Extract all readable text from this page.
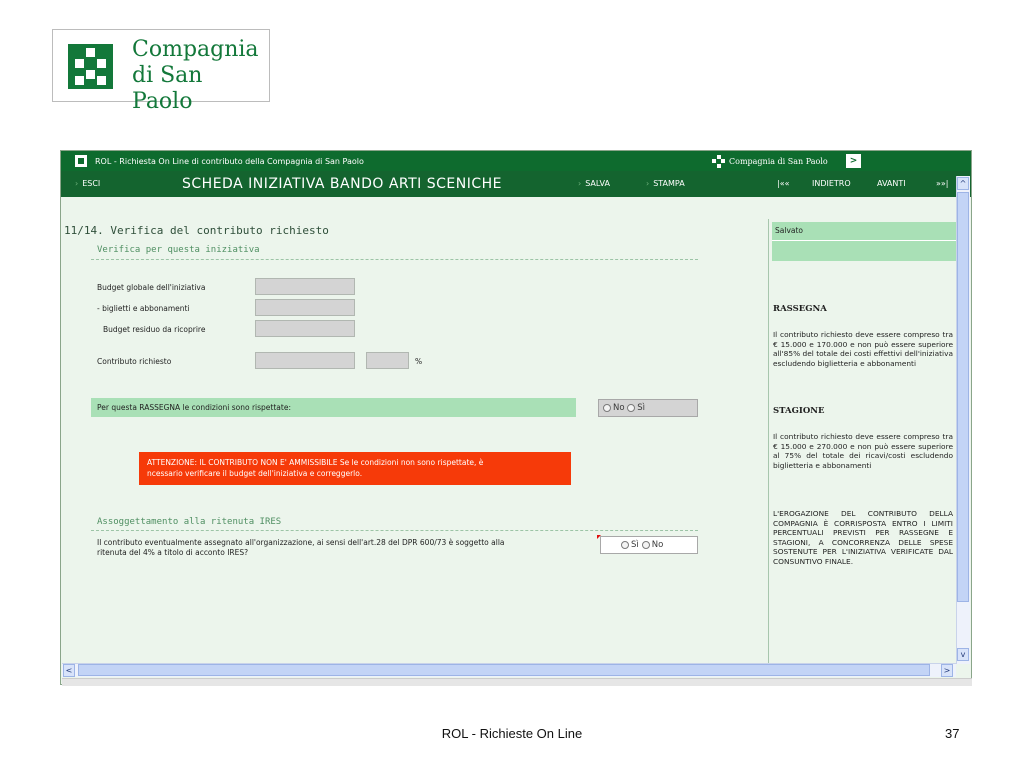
Compagnia
di San Paolo
ROL - Richiesta On Line di contributo della Compagnia di San Paolo	Compagnia di San Paolo	>
› ESCI	SCHEDA INIZIATIVA BANDO ARTI SCENICHE	› SALVA	› STAMPA	|««	INDIETRO	AVANTI	»»|
11/14. Verifica del contributo richiesto
Verifica per questa iniziativa
Budget globale dell'iniziativa
- biglietti e abbonamenti
Budget residuo da ricoprire
Contributo richiesto	%
Per questa RASSEGNA le condizioni sono rispettate:	No
Sì
ATTENZIONE: IL CONTRIBUTO NON E' AMMISSIBILE Se le condizioni non sono rispettate, è
ncessario verificare il budget dell'iniziativa e correggerlo.
Assoggettamento alla ritenuta IRES
Il contributo eventualmente assegnato all'organizzazione, ai sensi dell'art.28 del DPR 600/73 è soggetto alla
ritenuta del 4% a titolo di acconto IRES?
Sì No
Salvato
RASSEGNA
Il contributo richiesto deve essere compreso tra € 15.000 e 170.000 e non può essere superiore all'85% del totale dei costi effettivi dell'iniziativa escludendo biglietteria e abbonamenti
STAGIONE
Il contributo richiesto deve essere compreso tra € 15.000 e 270.000 e non può essere superiore al 75% del totale dei ricavi/costi escludendo biglietteria e abbonamenti
L'EROGAZIONE DEL CONTRIBUTO DELLA COMPAGNIA È CORRISPOSTA ENTRO I LIMITI PERCENTUALI PREVISTI PER RASSEGNE E STAGIONI, A CONCORRENZA DELLE SPESE SOSTENUTE PER L'INIZIATIVA VERIFICATE DAL CONSUNTIVO FINALE.
^
v
<	>
ROL - Richieste On Line	37
